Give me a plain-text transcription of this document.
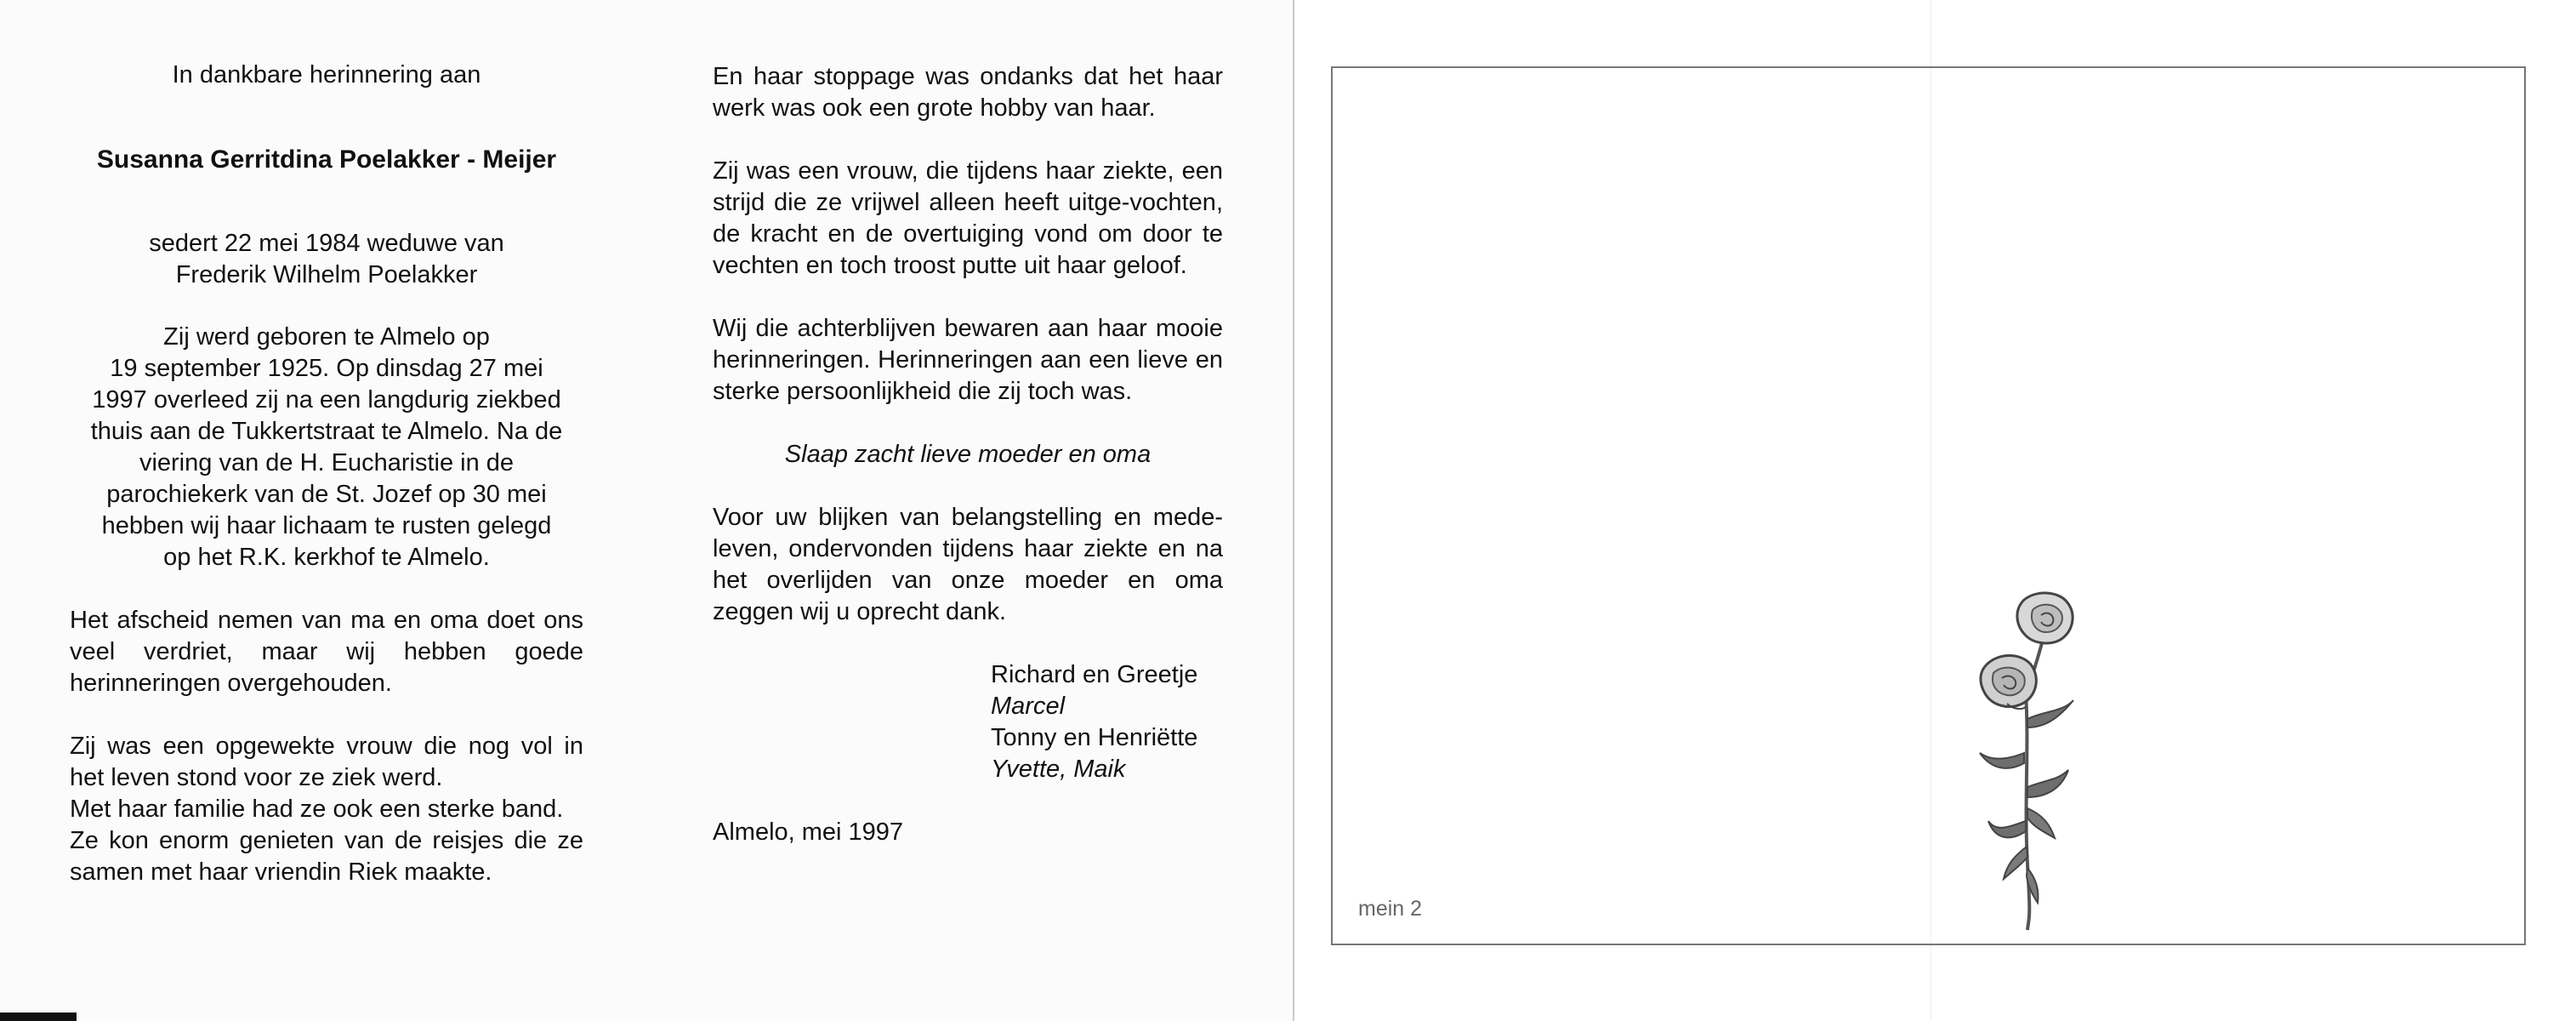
In dankbare herinnering aan

Susanna Gerritdina Poelakker - Meijer

sedert 22 mei 1984 weduwe van

Frederik Wilhelm Poelakker

Zij werd geboren te Almelo op

19 september 1925. Op dinsdag 27 mei

1997 overleed zij na een langdurig ziekbed

thuis aan de Tukkertstraat te Almelo. Na de

viering van de H. Eucharistie in de

parochiekerk van de St. Jozef op 30 mei

hebben wij haar lichaam te rusten gelegd

op het R.K. kerkhof te Almelo.

Het afscheid nemen van ma en oma doet ons veel verdriet, maar wij hebben goede herinneringen overgehouden.

Zij was een opgewekte vrouw die nog vol in het leven stond voor ze ziek werd.

Met haar familie had ze ook een sterke band.

Ze kon enorm genieten van de reisjes die ze samen met haar vriendin Riek maakte.

En haar stoppage was ondanks dat het haar werk was ook een grote hobby van haar.

Zij was een vrouw, die tijdens haar ziekte, een strijd die ze vrijwel alleen heeft uitge-vochten, de kracht en de overtuiging vond om door te vechten en toch troost putte uit haar geloof.

Wij die achterblijven bewaren aan haar mooie herinneringen. Herinneringen aan een lieve en sterke persoonlijkheid die zij toch was.

Slaap zacht lieve moeder en oma

Voor uw blijken van belangstelling en mede-leven, ondervonden tijdens haar ziekte en na het overlijden van onze moeder en oma zeggen wij u oprecht dank.

Richard en Greetje

Marcel

Tonny en Henriëtte

Yvette, Maik

Almelo, mei 1997

mein 2
